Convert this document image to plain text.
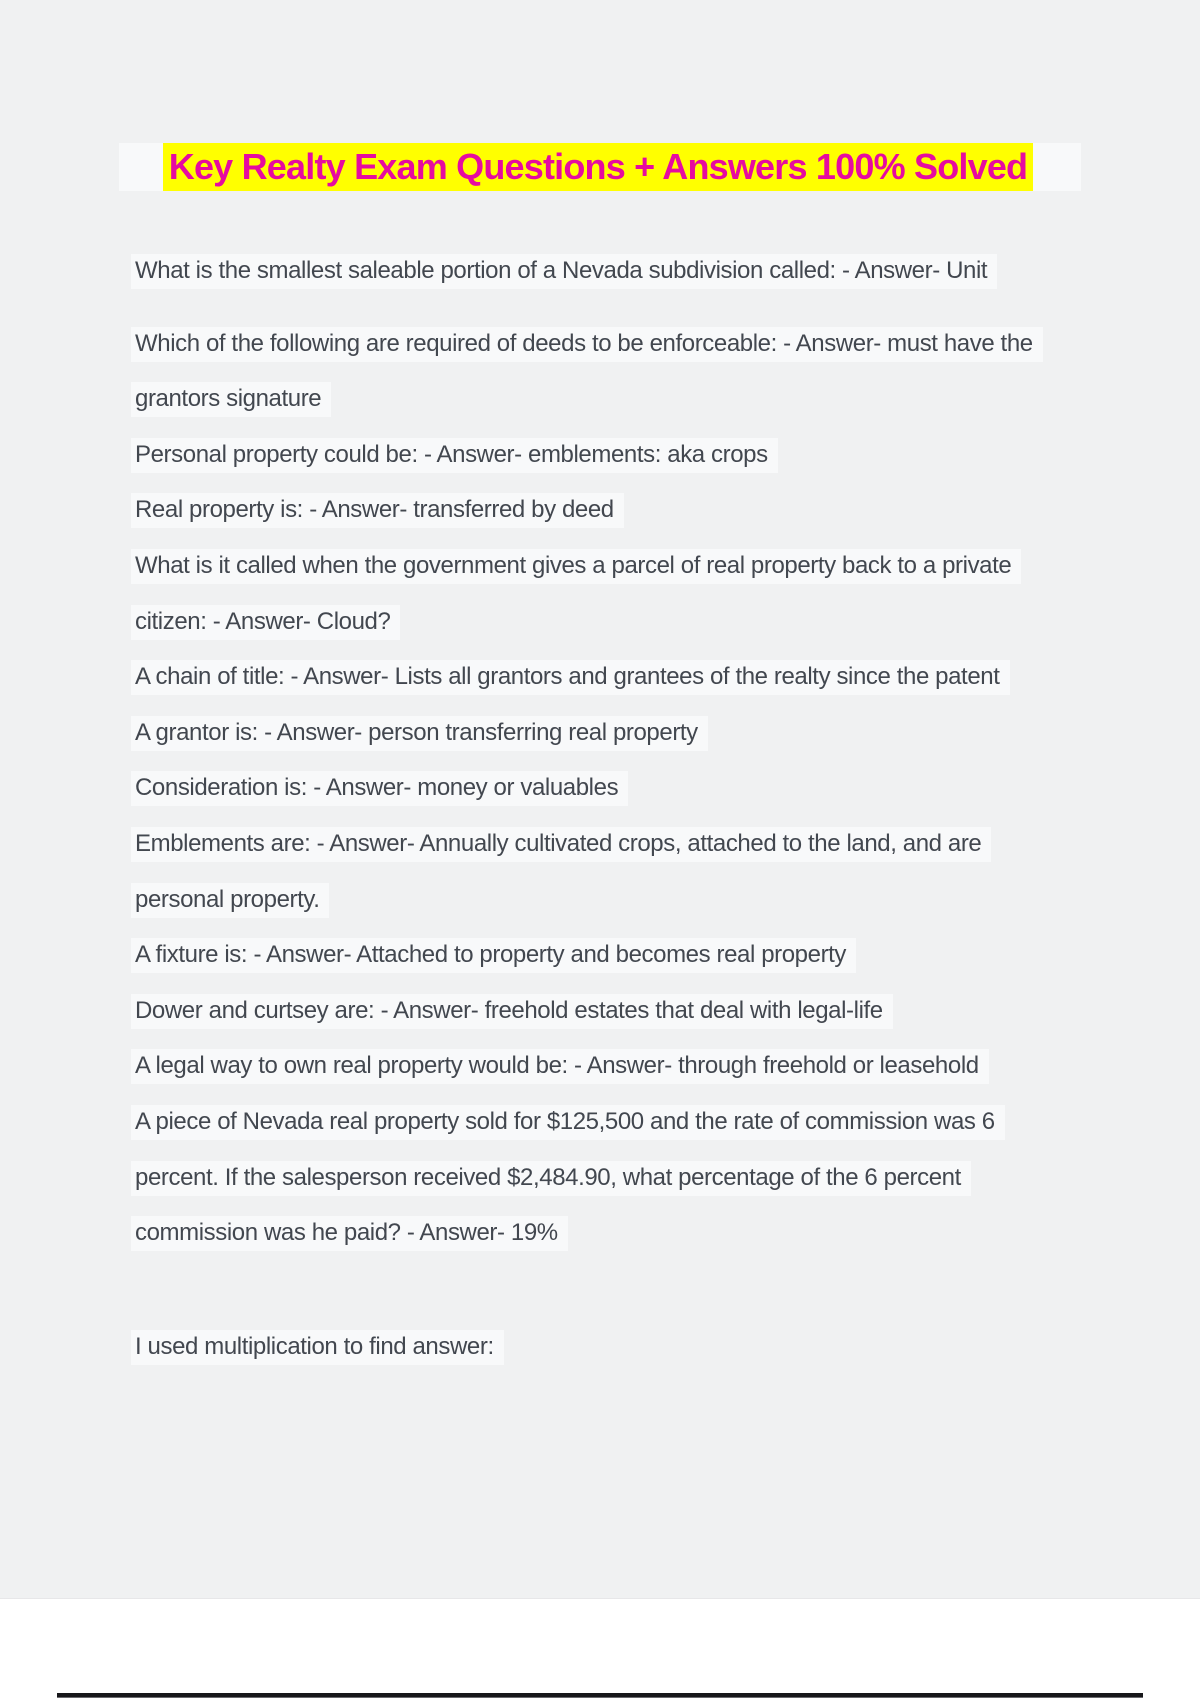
Key Realty Exam Questions + Answers 100% Solved
What is the smallest saleable portion of a Nevada subdivision called: - Answer- Unit
Which of the following are required of deeds to be enforceable: - Answer- must have the
grantors signature
Personal property could be: - Answer- emblements: aka crops
Real property is: - Answer- transferred by deed
What is it called when the government gives a parcel of real property back to a private
citizen: - Answer- Cloud?
A chain of title: - Answer- Lists all grantors and grantees of the realty since the patent
A grantor is: - Answer- person transferring real property
Consideration is: - Answer- money or valuables
Emblements are: - Answer- Annually cultivated crops, attached to the land, and are
personal property.
A fixture is: - Answer- Attached to property and becomes real property
Dower and curtsey are: - Answer- freehold estates that deal with legal-life
A legal way to own real property would be: - Answer- through freehold or leasehold
A piece of Nevada real property sold for $125,500 and the rate of commission was 6
percent. If the salesperson received $2,484.90, what percentage of the 6 percent
commission was he paid? - Answer- 19%
I used multiplication to find answer:
